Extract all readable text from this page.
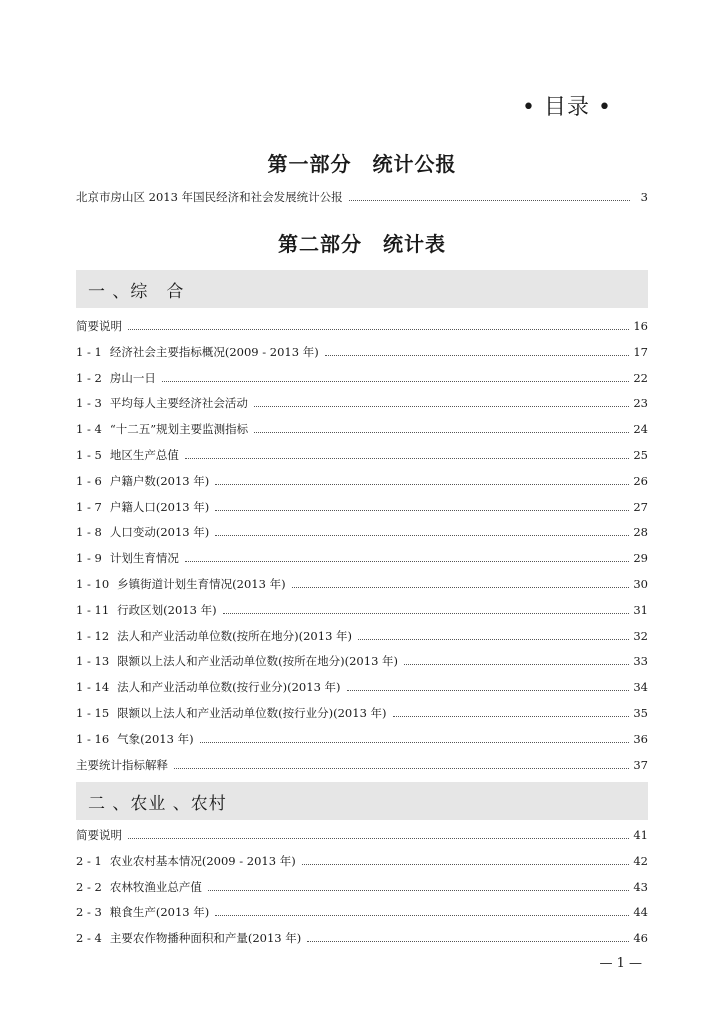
• 目录 •
第一部分　统计公报
北京市房山区 2013 年国民经济和社会发展统计公报	3
第二部分　统计表
一 、综　合
简要说明	16
1 - 1 经济社会主要指标概况(2009 - 2013 年)	17
1 - 2 房山一日	22
1 - 3 平均每人主要经济社会活动	23
1 - 4 “十二五”规划主要监测指标	24
1 - 5 地区生产总值	25
1 - 6 户籍户数(2013 年)	26
1 - 7 户籍人口(2013 年)	27
1 - 8 人口变动(2013 年)	28
1 - 9 计划生育情况	29
1 - 10 乡镇街道计划生育情况(2013 年)	30
1 - 11 行政区划(2013 年)	31
1 - 12 法人和产业活动单位数(按所在地分)(2013 年)	32
1 - 13 限额以上法人和产业活动单位数(按所在地分)(2013 年)	33
1 - 14 法人和产业活动单位数(按行业分)(2013 年)	34
1 - 15 限额以上法人和产业活动单位数(按行业分)(2013 年)	35
1 - 16 气象(2013 年)	36
主要统计指标解释	37
二 、农业 、农村
简要说明	41
2 - 1 农业农村基本情况(2009 - 2013 年)	42
2 - 2 农林牧渔业总产值	43
2 - 3 粮食生产(2013 年)	44
2 - 4 主要农作物播种面积和产量(2013 年)	46
— 1 —
